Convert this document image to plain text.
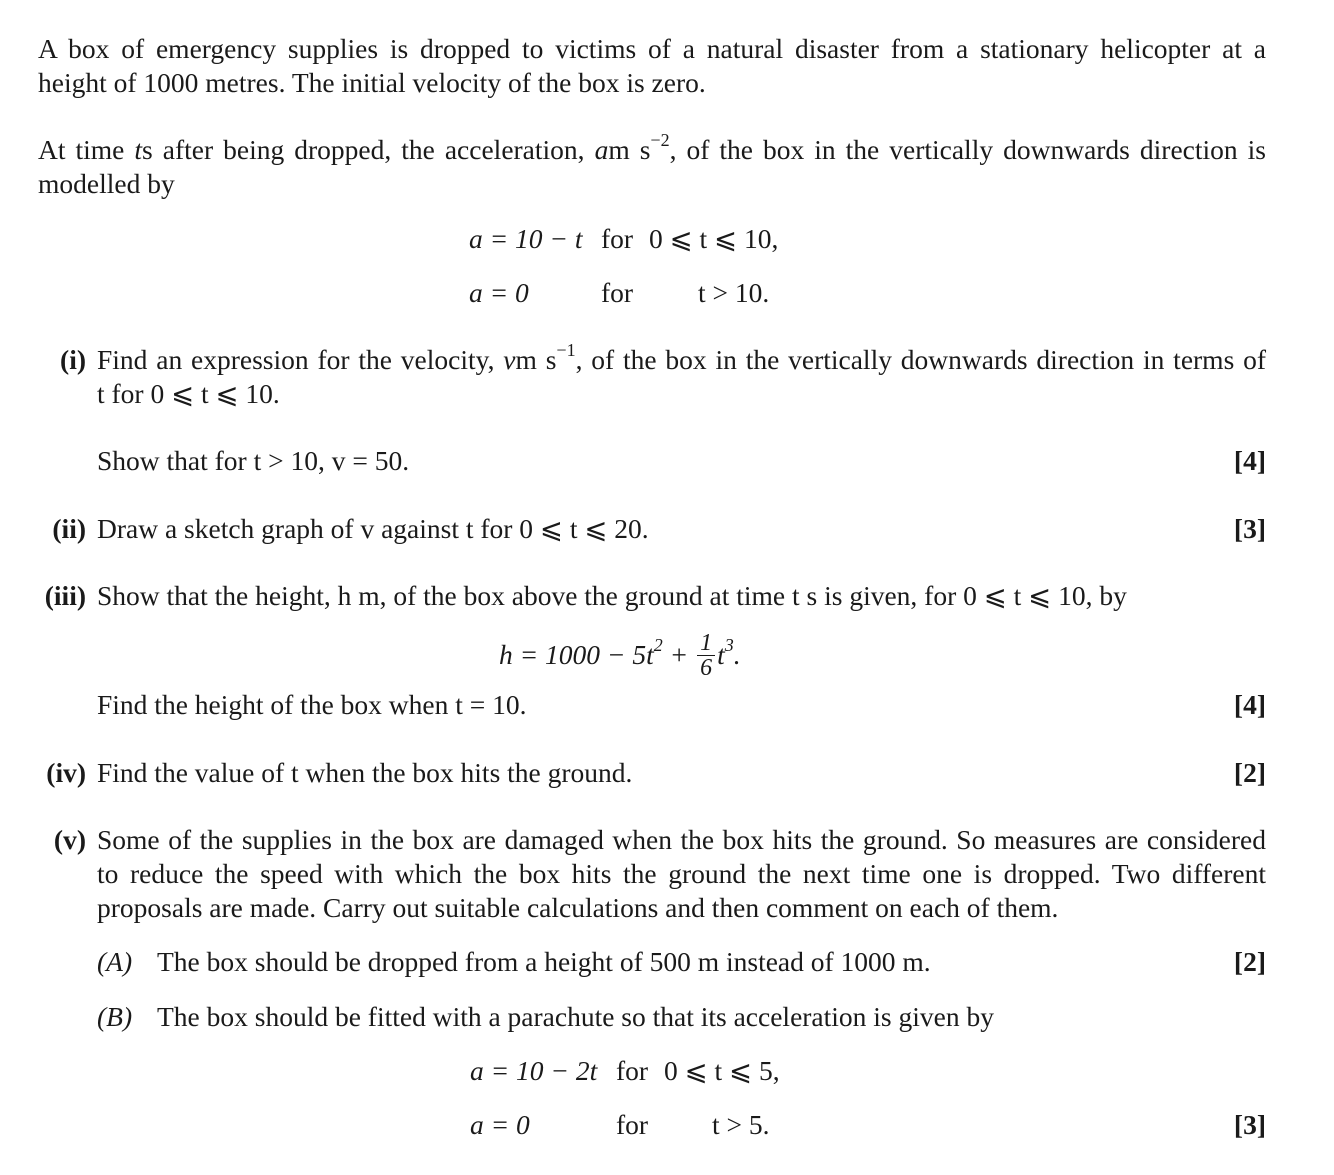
A box of emergency supplies is dropped to victims of a natural disaster from a stationary helicopter at a
height of 1000 metres. The initial velocity of the box is zero.
At time ts after being dropped, the acceleration, am $s^{-2}$, of the box in the vertically downwards direction is
modelled by
a = 10 − t for 0 ⩽ t ⩽ 10,
a = 0	for t > 10.
(i) Find an expression for the velocity, vm $s^{-1}$, of the box in the vertically downwards direction in terms of
t for 0 ⩽ t ⩽ 10.
Show that for t > 10, v = 50.	[4]
(ii) Draw a sketch graph of v against t for 0 ⩽ t ⩽ 20.	[3]
(iii) Show that the height, h m, of the box above the ground at time t s is given, for 0 ⩽ t ⩽ 10, by
$h = 1000 - 5t^2 + \frac{1}{6} t^3$.
Find the height of the box when t = 10.	[4]
(iv) Find the value of t when the box hits the ground.	[2]
(v) Some of the supplies in the box are damaged when the box hits the ground. So measures are considered
to reduce the speed with which the box hits the ground the next time one is dropped. Two different
proposals are made. Carry out suitable calculations and then comment on each of them.
(A) The box should be dropped from a height of 500 m instead of 1000 m.	[2]
(B) The box should be fitted with a parachute so that its acceleration is given by
a = 10 − 2t for 0 ⩽ t ⩽ 5,
a = 0	for t > 5.	[3]
